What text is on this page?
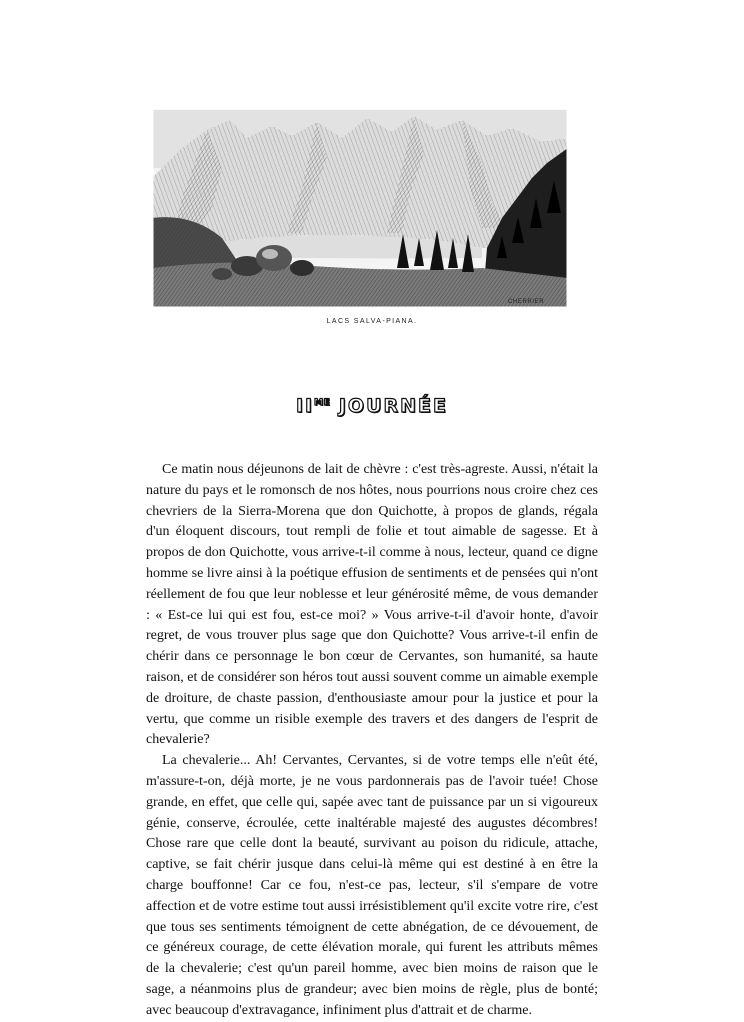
CHERRIER
LACS SALVA-PIANA.
$II^{ME}$ JOURNÉE

Ce matin nous déjeunons de lait de chèvre : c'est très-agreste. Aussi, n'était la nature du pays et le romonsch de nos hôtes, nous pourrions nous croire chez ces chevriers de la Sierra-Morena que don Quichotte, à propos de glands, régala d'un éloquent discours, tout rempli de folie et tout aimable de sagesse. Et à propos de don Quichotte, vous arrive-t-il comme à nous, lecteur, quand ce digne homme se livre ainsi à la poétique effusion de sentiments et de pensées qui n'ont réellement de fou que leur noblesse et leur générosité même, de vous demander : « Est-ce lui qui est fou, est-ce moi? » Vous arrive-t-il d'avoir honte, d'avoir regret, de vous trouver plus sage que don Quichotte? Vous arrive-t-il enfin de chérir dans ce personnage le bon cœur de Cervantes, son humanité, sa haute raison, et de considérer son héros tout aussi souvent comme un aimable exemple de droiture, de chaste passion, d'enthousiaste amour pour la justice et pour la vertu, que comme un risible exemple des travers et des dangers de l'esprit de chevalerie?

La chevalerie... Ah! Cervantes, Cervantes, si de votre temps elle n'eût été, m'assure-t-on, déjà morte, je ne vous pardonnerais pas de l'avoir tuée! Chose grande, en effet, que celle qui, sapée avec tant de puissance par un si vigoureux génie, conserve, écroulée, cette inaltérable majesté des augustes décombres! Chose rare que celle dont la beauté, survivant au poison du ridicule, attache, captive, se fait chérir jusque dans celui-là même qui est destiné à en être la charge bouffonne! Car ce fou, n'est-ce pas, lecteur, s'il s'empare de votre affection et de votre estime tout aussi irrésistiblement qu'il excite votre rire, c'est que tous ses sentiments témoignent de cette abnégation, de ce dévouement, de ce généreux courage, de cette élévation morale, qui furent les attributs mêmes de la chevalerie; c'est qu'un pareil homme, avec bien moins de raison que le sage, a néanmoins plus de grandeur; avec bien moins de règle, plus de bonté; avec beaucoup d'extravagance, infiniment plus d'attrait et de charme.
